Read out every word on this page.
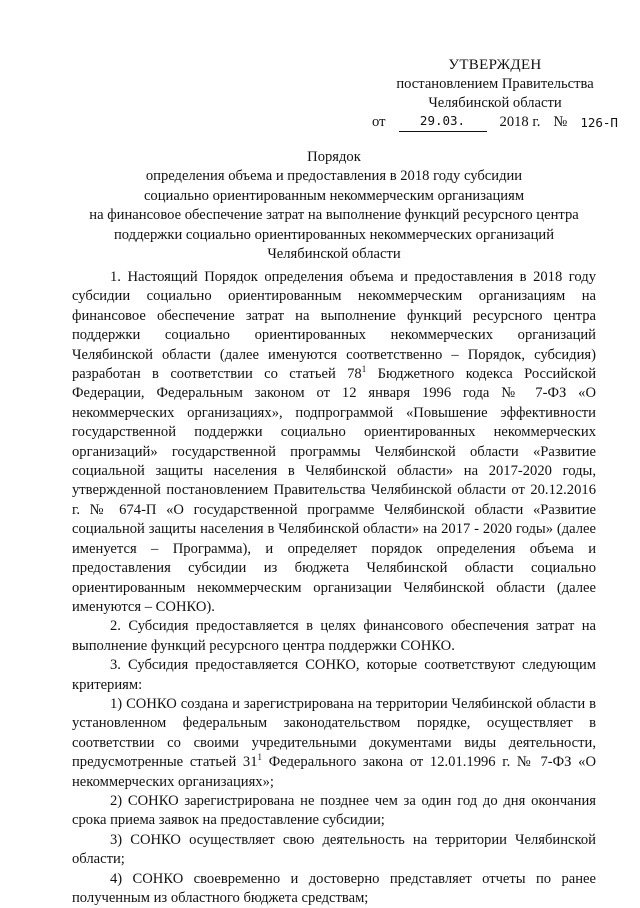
УТВЕРЖДЕН
постановлением Правительства
Челябинской области
от	29.03.	2018 г. № 126-П
Порядок
определения объема и предоставления в 2018 году субсидии
социально ориентированным некоммерческим организациям
на финансовое обеспечение затрат на выполнение функций ресурсного центра
поддержки социально ориентированных некоммерческих организаций
Челябинской области

1. Настоящий Порядок определения объема и предоставления в 2018 году субсидии социально ориентированным некоммерческим организациям на финансовое обеспечение затрат на выполнение функций ресурсного центра поддержки социально ориентированных некоммерческих организаций Челябинской области (далее именуются соответственно – Порядок, субсидия) разработан в соответствии со статьей $78^1$ Бюджетного кодекса Российской Федерации, Федеральным законом от 12 января 1996 года № 7-ФЗ «О некоммерческих организациях», подпрограммой «Повышение эффективности государственной поддержки социально ориентированных некоммерческих организаций» государственной программы Челябинской области «Развитие социальной защиты населения в Челябинской области» на 2017-2020 годы, утвержденной постановлением Правительства Челябинской области от 20.12.2016 г. № 674-П «О государственной программе Челябинской области «Развитие социальной защиты населения в Челябинской области» на 2017 - 2020 годы» (далее именуется – Программа), и определяет порядок определения объема и предоставления субсидии из бюджета Челябинской области социально ориентированным некоммерческим организации Челябинской области (далее именуются – СОНКО).

2. Субсидия предоставляется в целях финансового обеспечения затрат на выполнение функций ресурсного центра поддержки СОНКО.

3. Субсидия предоставляется СОНКО, которые соответствуют следующим критериям:

1) СОНКО создана и зарегистрирована на территории Челябинской области в установленном федеральным законодательством порядке, осуществляет в соответствии со своими учредительными документами виды деятельности, предусмотренные статьей $31^1$ Федерального закона от 12.01.1996 г. № 7-ФЗ «О некоммерческих организациях»;

2) СОНКО зарегистрирована не позднее чем за один год до дня окончания срока приема заявок на предоставление субсидии;

3) СОНКО осуществляет свою деятельность на территории Челябинской области;

4) СОНКО своевременно и достоверно представляет отчеты по ранее полученным из областного бюджета средствам;
